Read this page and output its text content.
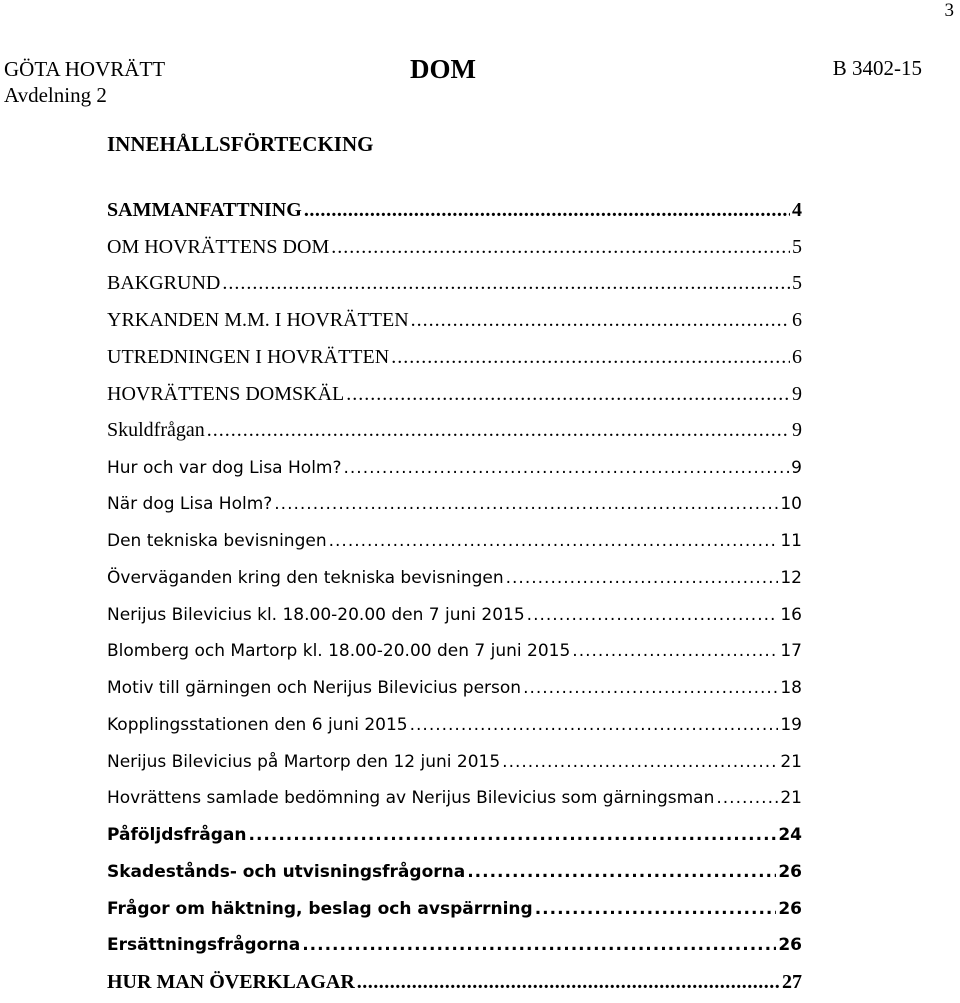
3
GÖTA HOVRÄTT
Avdelning 2
DOM	B 3402-15
INNEHÅLLSFÖRTECKING
SAMMANFATTNING .....	4
OM HOVRÄTTENS DOM .....	5
BAKGRUND .....	5
YRKANDEN M.M. I HOVRÄTTEN .....	6
UTREDNINGEN I HOVRÄTTEN .....	6
HOVRÄTTENS DOMSKÄL .....	9
Skuldfrågan .....	9
Hur och var dog Lisa Holm? .....	9
När dog Lisa Holm? .....	10
Den tekniska bevisningen .....	11
Överväganden kring den tekniska bevisningen .....	12
Nerijus Bilevicius kl. 18.00-20.00 den 7 juni 2015 .....	16
Blomberg och Martorp kl. 18.00-20.00 den 7 juni 2015 .....	17
Motiv till gärningen och Nerijus Bilevicius person .....	18
Kopplingsstationen den 6 juni 2015 .....	19
Nerijus Bilevicius på Martorp den 12 juni 2015 .....	21
Hovrättens samlade bedömning av Nerijus Bilevicius som gärningsman .....	21
Påföljdsfrågan .....	24
Skadestånds- och utvisningsfrågorna .....	26
Frågor om häktning, beslag och avspärrning .....	26
Ersättningsfrågorna .....	26
HUR MAN ÖVERKLAGAR .....	27
